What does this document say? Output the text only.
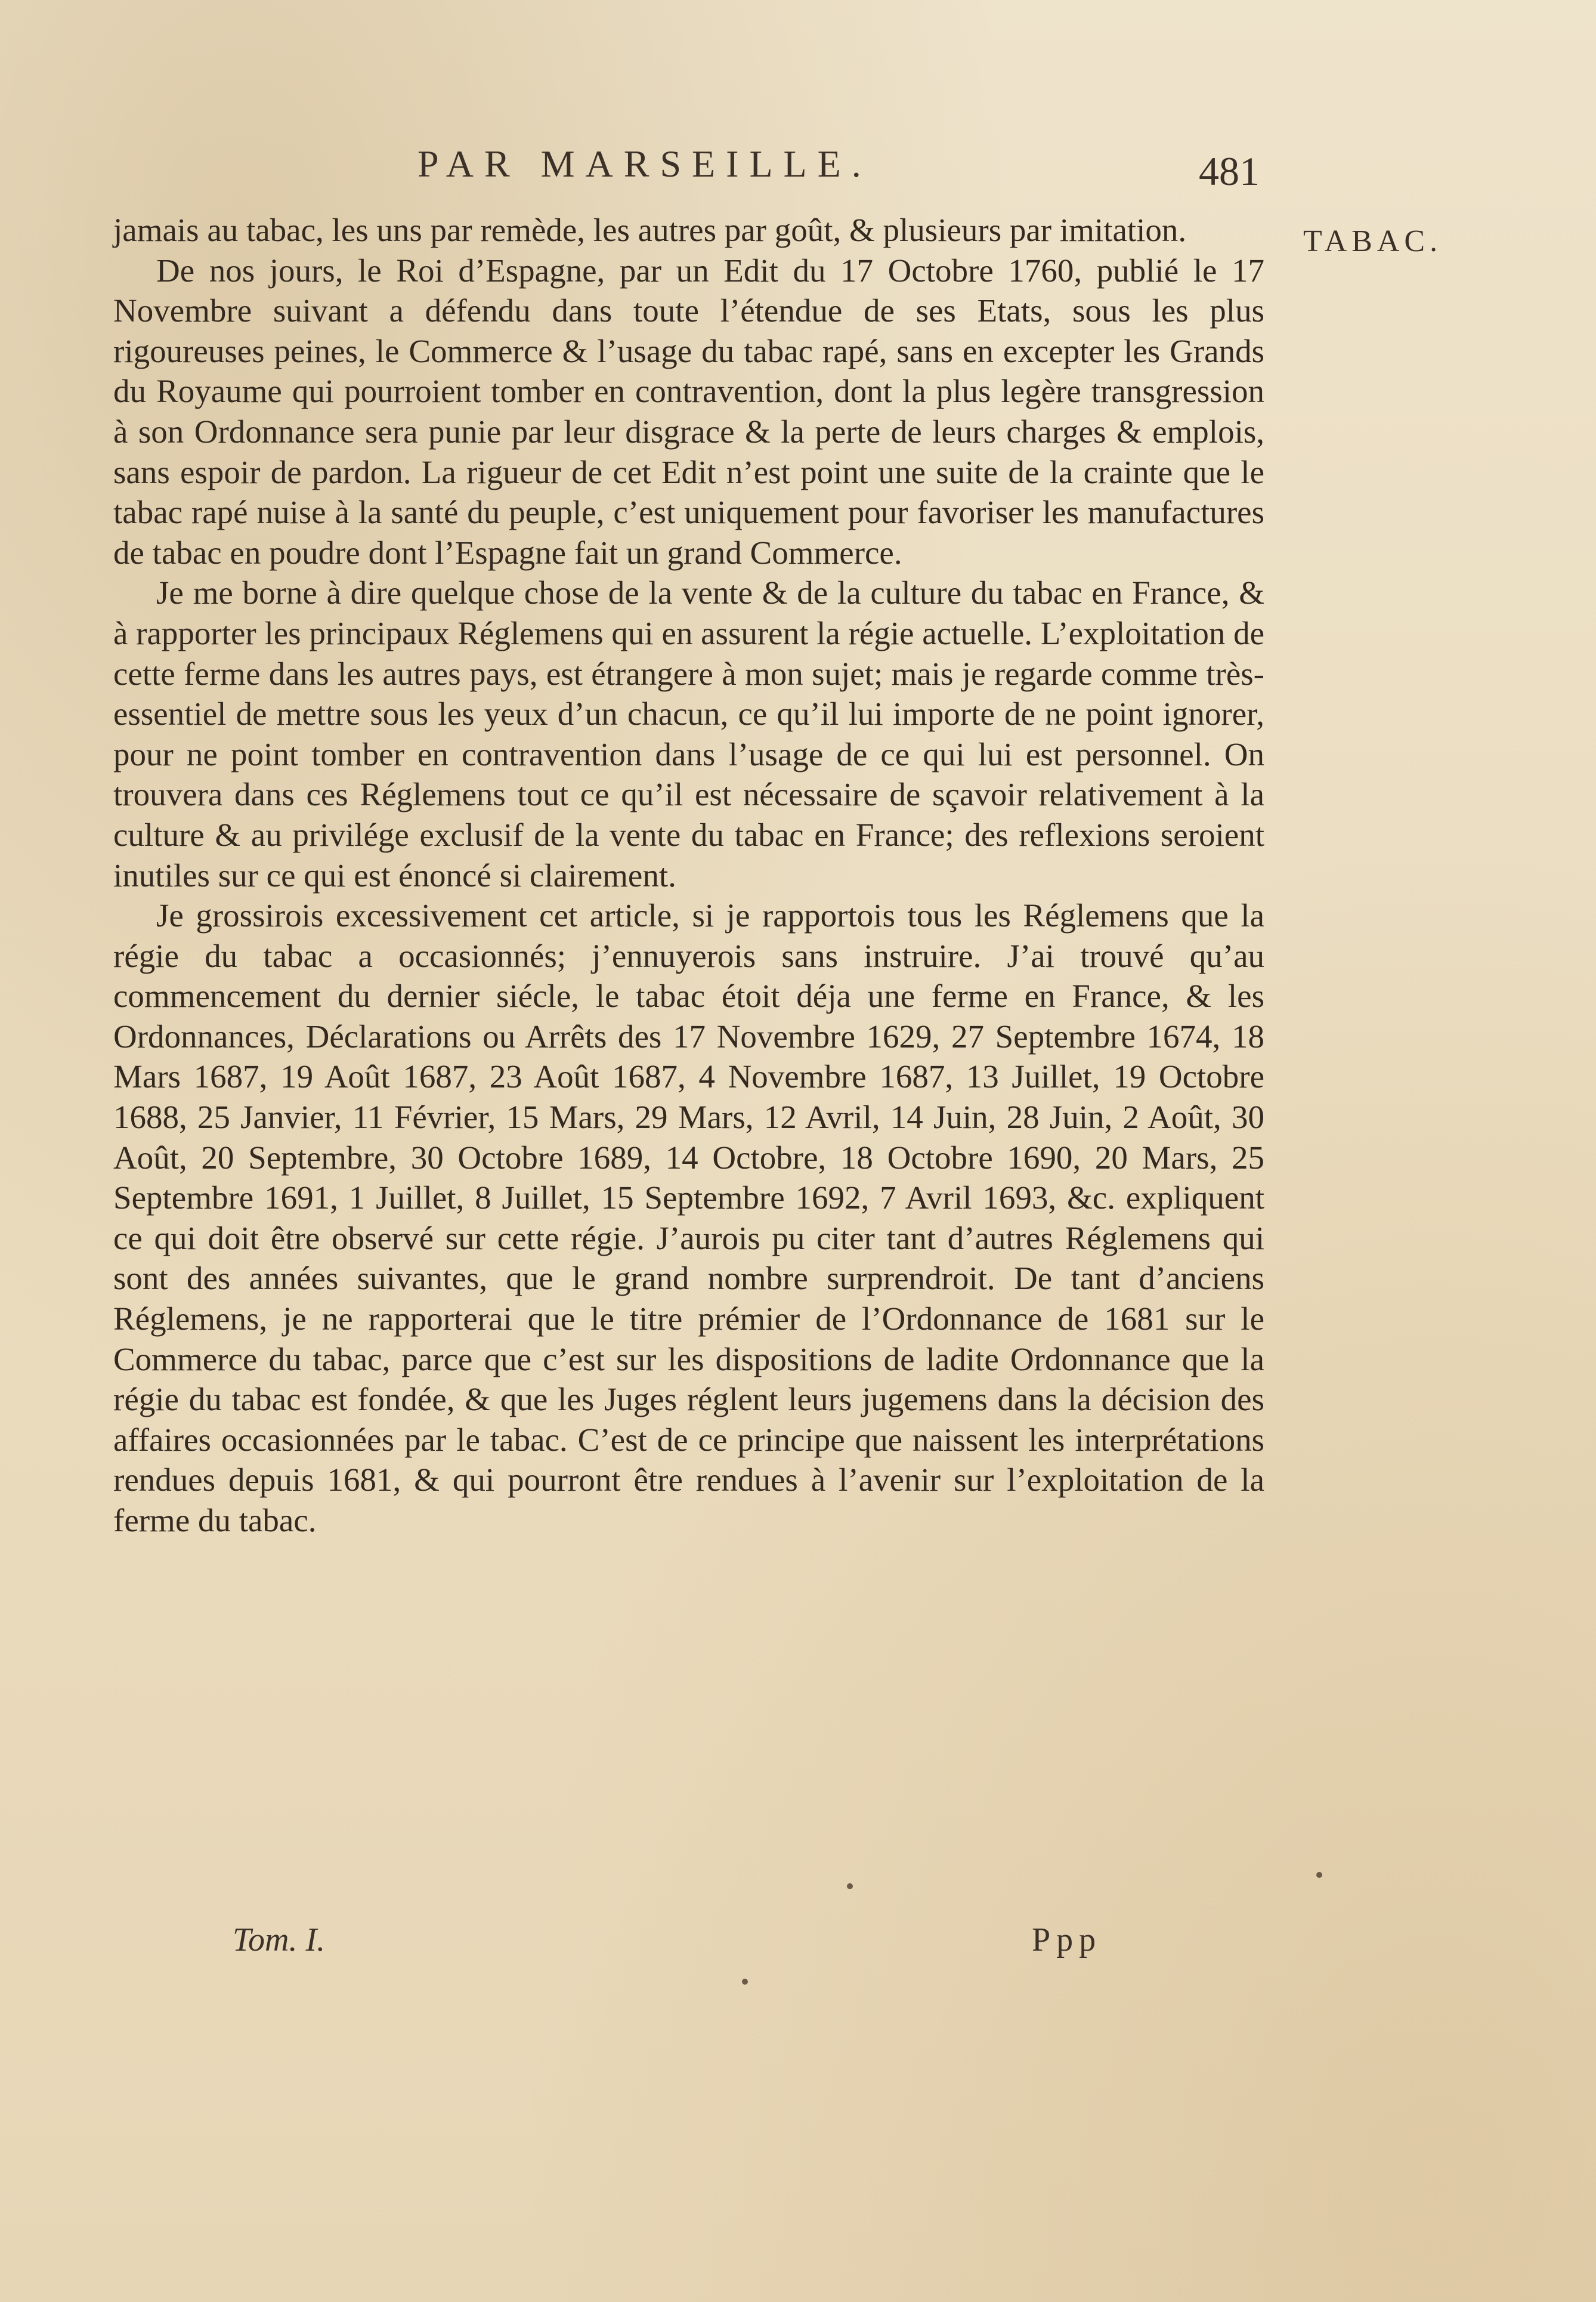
PAR MARSEILLE.	481
TABAC.

jamais au tabac, les uns par remède, les autres par goût, & plusieurs par imitation.

De nos jours, le Roi d’Espagne, par un Edit du 17 Octobre 1760, publié le 17 Novembre suivant a défendu dans toute l’étendue de ses Etats, sous les plus rigoureuses peines, le Commerce & l’usage du tabac rapé, sans en excepter les Grands du Royaume qui pourroient tomber en contravention, dont la plus legère transgression à son Ordonnance sera punie par leur disgrace & la perte de leurs charges & emplois, sans espoir de pardon. La rigueur de cet Edit n’est point une suite de la crainte que le tabac rapé nuise à la santé du peuple, c’est uniquement pour favoriser les manufactures de tabac en poudre dont l’Espagne fait un grand Commerce.

Je me borne à dire quelque chose de la vente & de la culture du tabac en France, & à rapporter les principaux Réglemens qui en assurent la régie actuelle. L’exploitation de cette ferme dans les autres pays, est étrangere à mon sujet; mais je regarde comme très-essentiel de mettre sous les yeux d’un chacun, ce qu’il lui importe de ne point ignorer, pour ne point tomber en contravention dans l’usage de ce qui lui est personnel. On trouvera dans ces Réglemens tout ce qu’il est nécessaire de sçavoir relativement à la culture & au privilége exclusif de la vente du tabac en France; des reflexions seroient inutiles sur ce qui est énoncé si clairement.

Je grossirois excessivement cet article, si je rapportois tous les Réglemens que la régie du tabac a occasionnés; j’ennuyerois sans instruire. J’ai trouvé qu’au commencement du dernier siécle, le tabac étoit déja une ferme en France, & les Ordonnances, Déclarations ou Arrêts des 17 Novembre 1629, 27 Septembre 1674, 18 Mars 1687, 19 Août 1687, 23 Août 1687, 4 Novembre 1687, 13 Juillet, 19 Octobre 1688, 25 Janvier, 11 Février, 15 Mars, 29 Mars, 12 Avril, 14 Juin, 28 Juin, 2 Août, 30 Août, 20 Septembre, 30 Octobre 1689, 14 Octobre, 18 Octobre 1690, 20 Mars, 25 Septembre 1691, 1 Juillet, 8 Juillet, 15 Septembre 1692, 7 Avril 1693, &c. expliquent ce qui doit être observé sur cette régie. J’aurois pu citer tant d’autres Réglemens qui sont des années suivantes, que le grand nombre surprendroit. De tant d’anciens Réglemens, je ne rapporterai que le titre prémier de l’Ordonnance de 1681 sur le Commerce du tabac, parce que c’est sur les dispositions de ladite Ordonnance que la régie du tabac est fondée, & que les Juges réglent leurs jugemens dans la décision des affaires occasionnées par le tabac. C’est de ce principe que naissent les interprétations rendues depuis 1681, & qui pourront être rendues à l’avenir sur l’exploitation de la ferme du tabac.

Tom. I.	Ppp
